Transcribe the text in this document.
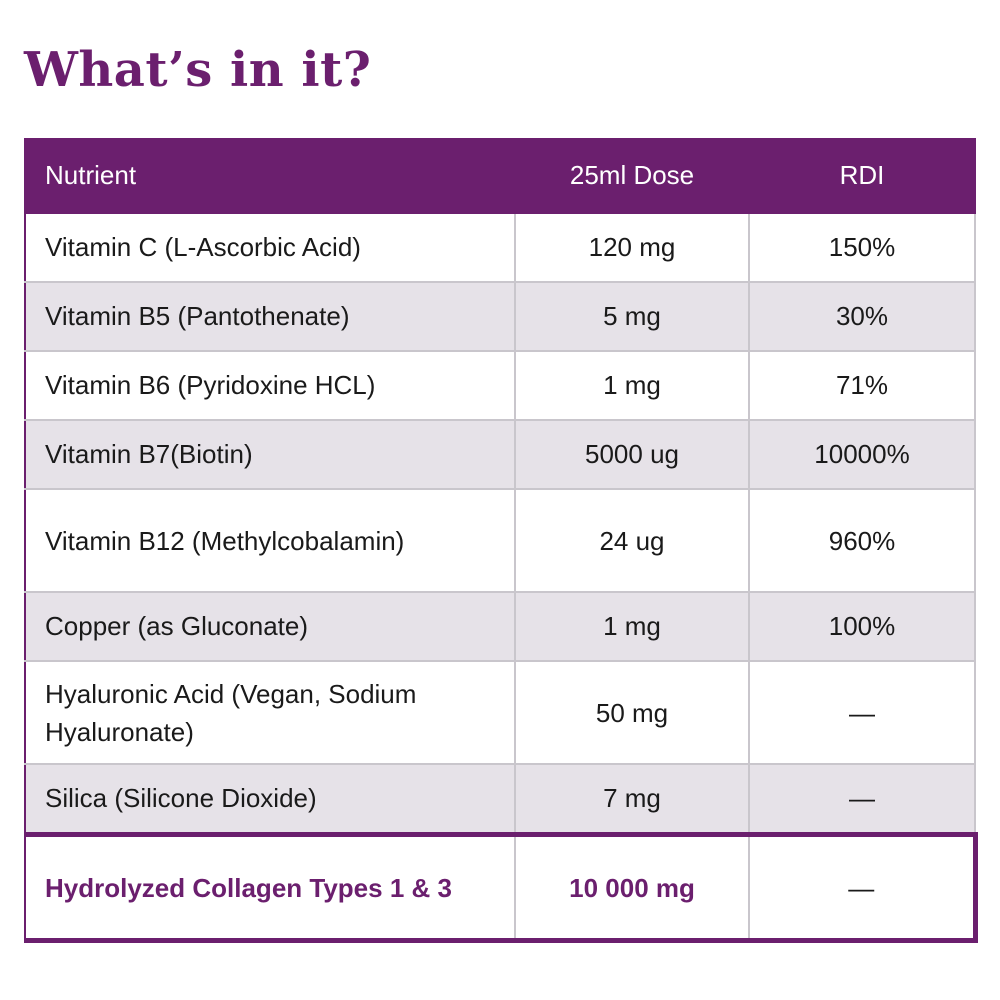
What’s in it?
Nutrient	25ml Dose	RDI
Vitamin C (L-Ascorbic Acid)	120 mg	150%
Vitamin B5 (Pantothenate)	5 mg	30%
Vitamin B6 (Pyridoxine HCL)	1 mg	71%
Vitamin B7(Biotin)	5000 ug	10000%
Vitamin B12 (Methylcobalamin)	24 ug	960%
Copper (as Gluconate)	1 mg	100%
Hyaluronic Acid (Vegan, Sodium Hyaluronate)	50 mg	—
Silica (Silicone Dioxide)	7 mg	—
Hydrolyzed Collagen Types 1 & 3	10 000 mg	—
